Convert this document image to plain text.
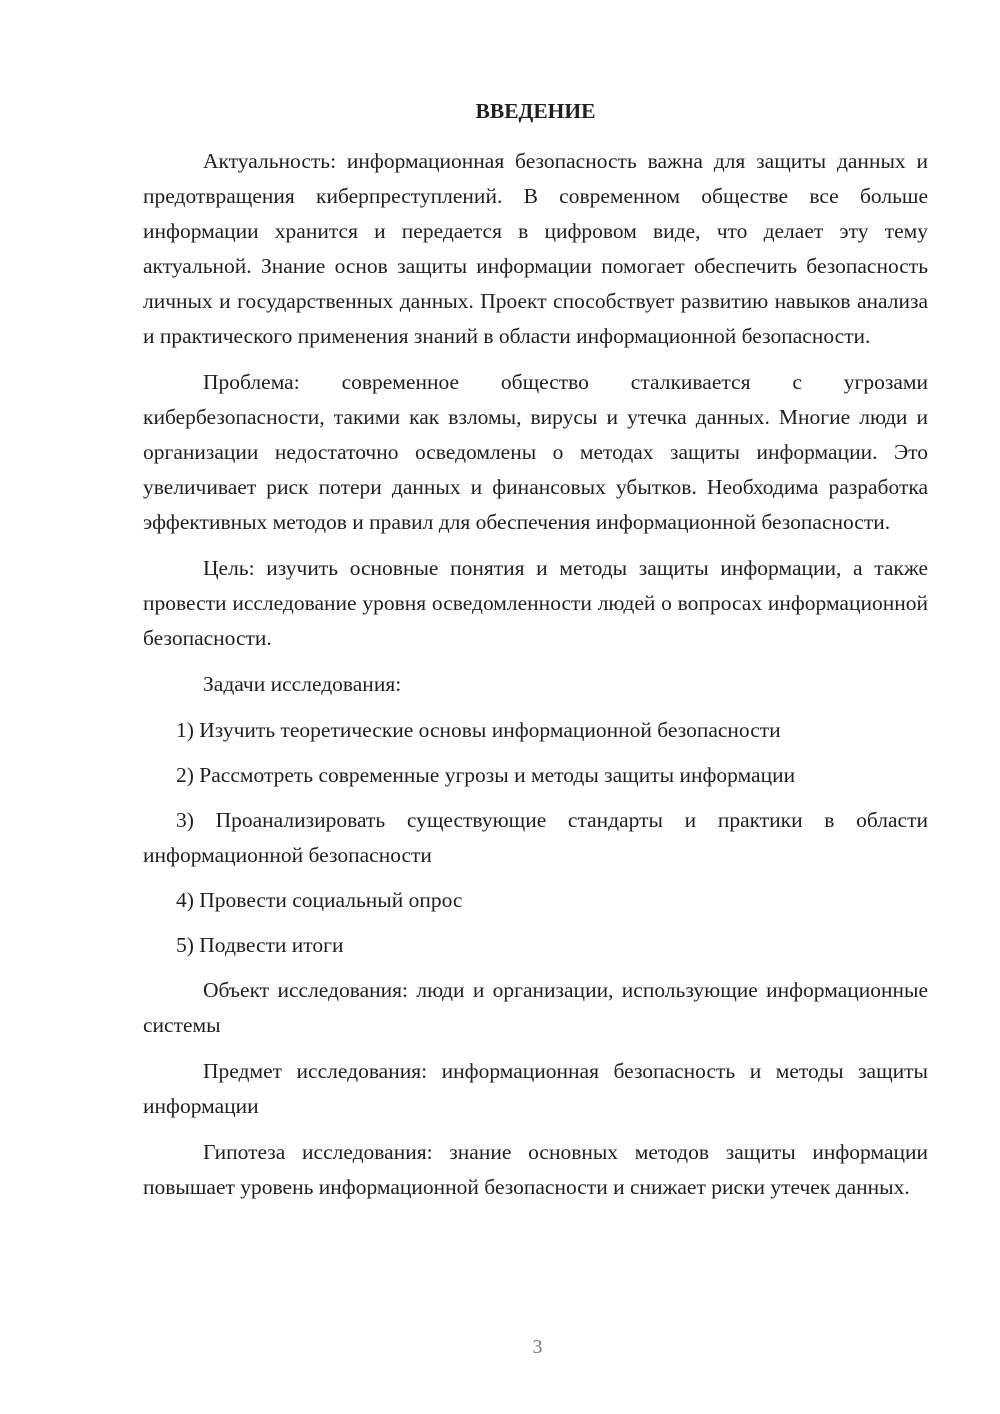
ВВЕДЕНИЕ

Актуальность: информационная безопасность важна для защиты данных и предотвращения киберпреступлений. В современном обществе все больше информации хранится и передается в цифровом виде, что делает эту тему актуальной. Знание основ защиты информации помогает обеспечить безопасность личных и государственных данных. Проект способствует развитию навыков анализа и практического применения знаний в области информационной безопасности.

Проблема: современное общество сталкивается с угрозами кибербезопасности, такими как взломы, вирусы и утечка данных. Многие люди и организации недостаточно осведомлены о методах защиты информации. Это увеличивает риск потери данных и финансовых убытков. Необходима разработка эффективных методов и правил для обеспечения информационной безопасности.

Цель: изучить основные понятия и методы защиты информации, а также провести исследование уровня осведомленности людей о вопросах информационной безопасности.

Задачи исследования:

1) Изучить теоретические основы информационной безопасности

2) Рассмотреть современные угрозы и методы защиты информации

3) Проанализировать существующие стандарты и практики в области информационной безопасности

4) Провести социальный опрос

5) Подвести итоги

Объект исследования: люди и организации, использующие информационные системы

Предмет исследования: информационная безопасность и методы защиты информации

Гипотеза исследования: знание основных методов защиты информации повышает уровень информационной безопасности и снижает риски утечек данных.

3
